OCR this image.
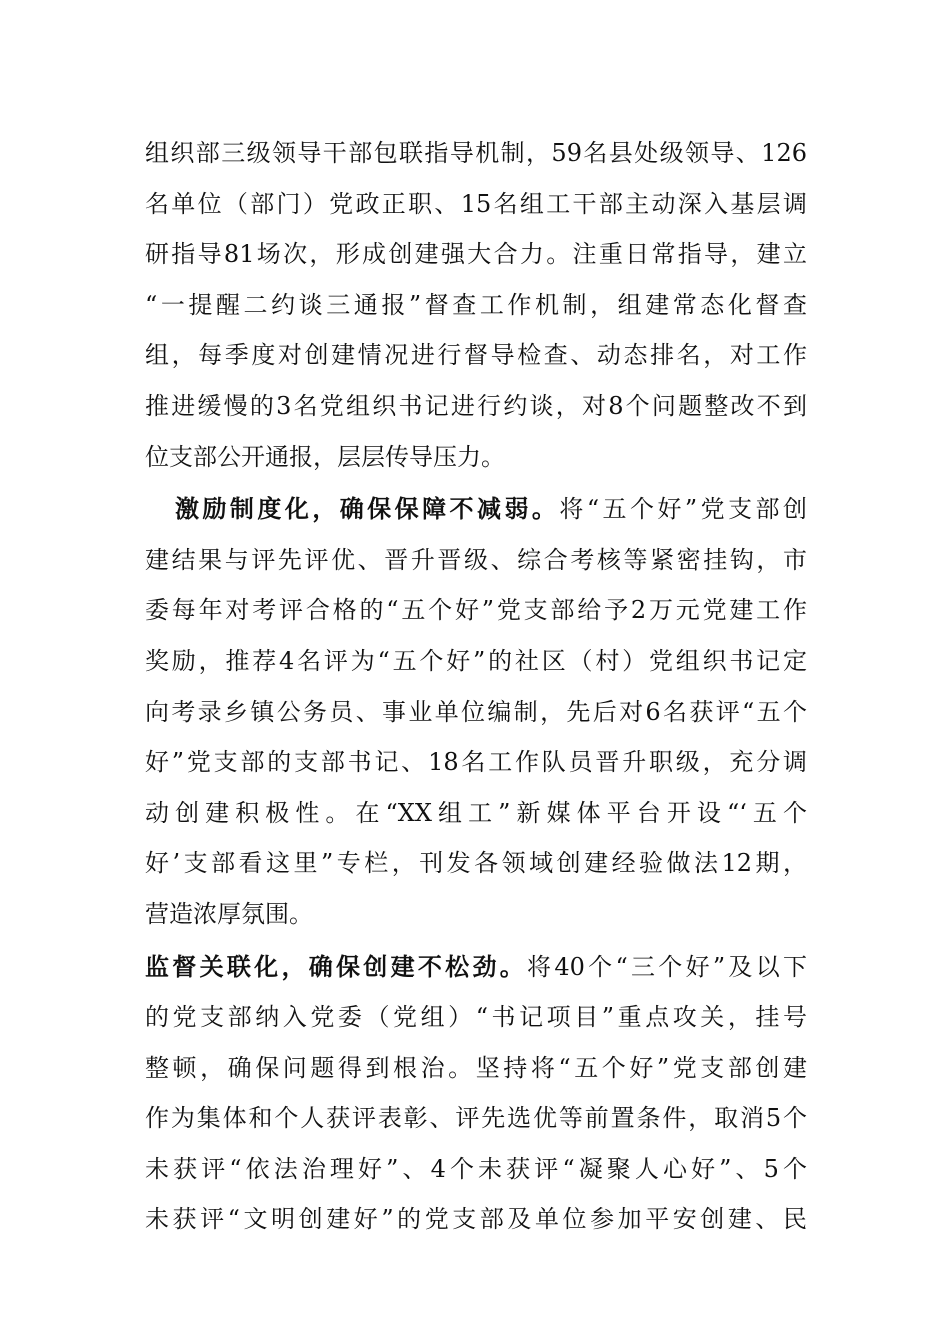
组织部三级领导干部包联指导机制，59名县处级领导、126
名单位（部门）党政正职、15名组工干部主动深入基层调
研指导81场次，形成创建强大合力。注重日常指导，建立
“一提醒二约谈三通报”督查工作机制，组建常态化督查
组，每季度对创建情况进行督导检查、动态排名，对工作
推进缓慢的3名党组织书记进行约谈，对8个问题整改不到
位支部公开通报，层层传导压力。
激励制度化，确保保障不减弱。将“五个好”党支部创
建结果与评先评优、晋升晋级、综合考核等紧密挂钩，市
委每年对考评合格的“五个好”党支部给予2万元党建工作
奖励，推荐4名评为“五个好”的社区（村）党组织书记定
向考录乡镇公务员、事业单位编制，先后对6名获评“五个
好”党支部的支部书记、18名工作队员晋升职级，充分调
动创建积极性。在“XX组工”新媒体平台开设“‘五个
好’支部看这里”专栏，刊发各领域创建经验做法12期，
营造浓厚氛围。
监督关联化，确保创建不松劲。将40个“三个好”及以下
的党支部纳入党委（党组）“书记项目”重点攻关，挂号
整顿，确保问题得到根治。坚持将“五个好”党支部创建
作为集体和个人获评表彰、评先选优等前置条件，取消5个
未获评“依法治理好”、4个未获评“凝聚人心好”、5个
未获评“文明创建好”的党支部及单位参加平安创建、民
